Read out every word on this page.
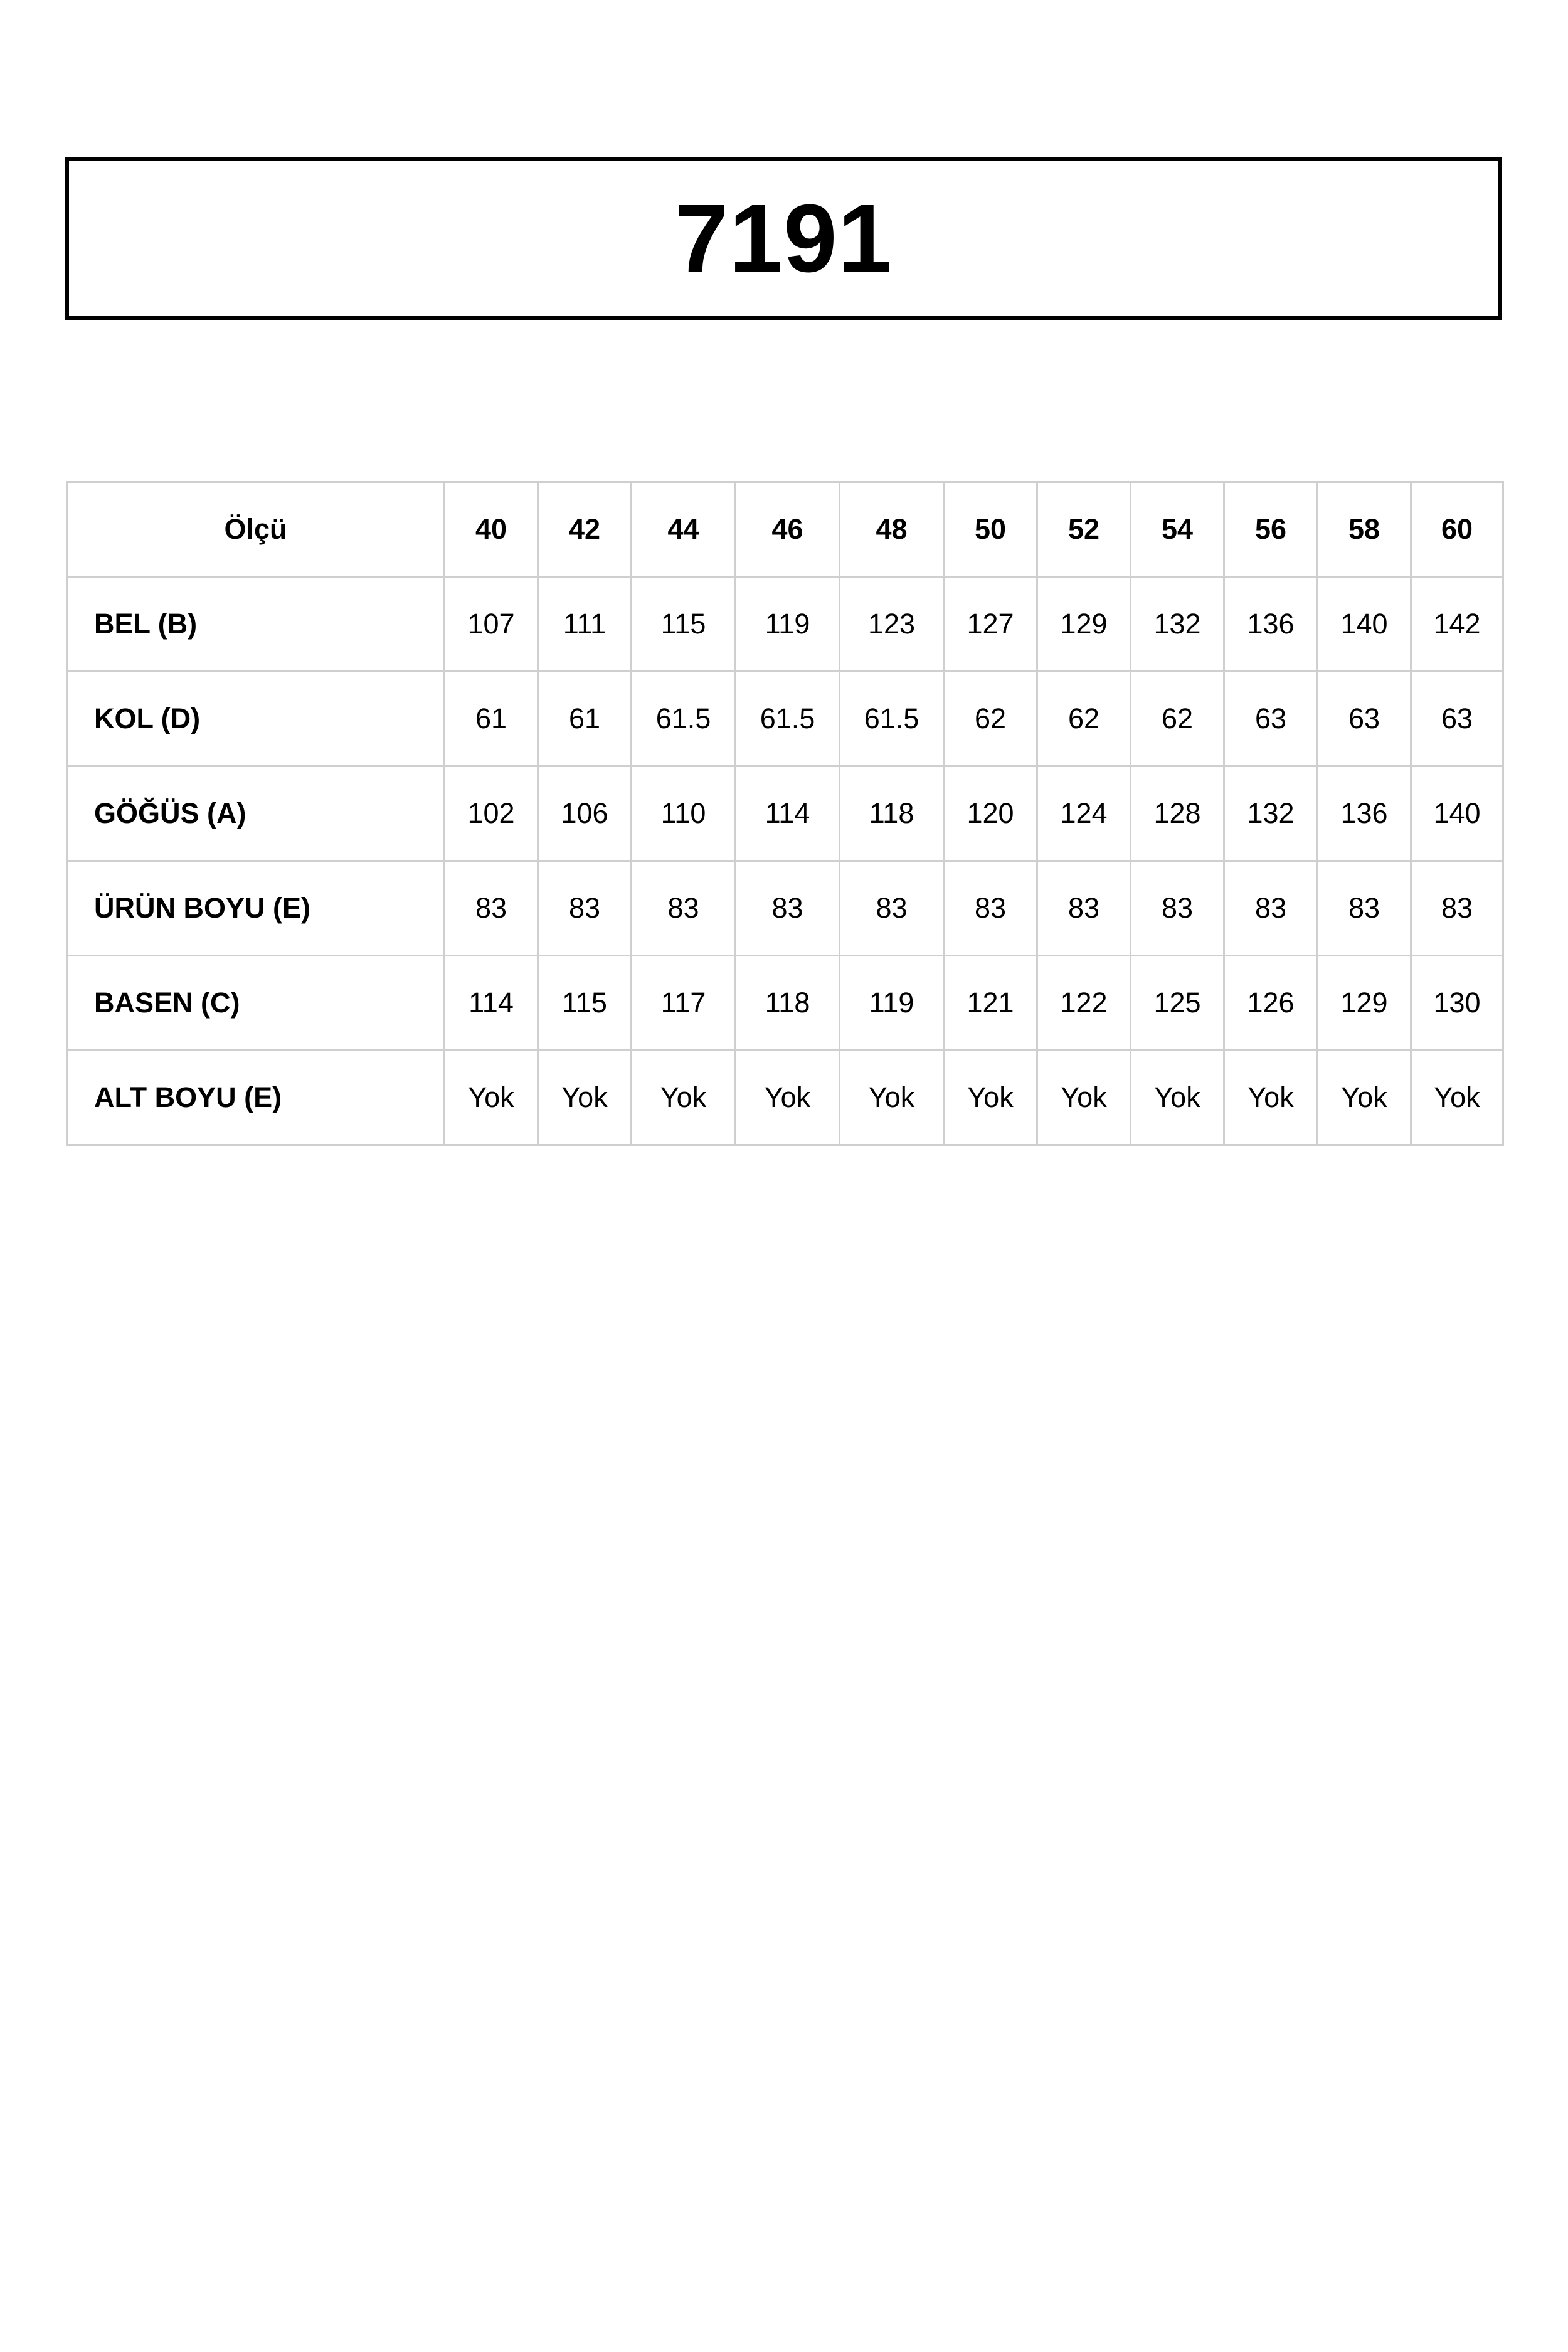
7191
Ölçü	40	42	44	46	48	50	52	54	56	58	60
BEL (B)	107	111	115	119	123	127	129	132	136	140	142
KOL (D)	61	61	61.5	61.5	61.5	62	62	62	63	63	63
GÖĞÜS (A)	102	106	110	114	118	120	124	128	132	136	140
ÜRÜN BOYU (E)	83	83	83	83	83	83	83	83	83	83	83
BASEN (C)	114	115	117	118	119	121	122	125	126	129	130
ALT BOYU (E)	Yok	Yok	Yok	Yok	Yok	Yok	Yok	Yok	Yok	Yok	Yok
